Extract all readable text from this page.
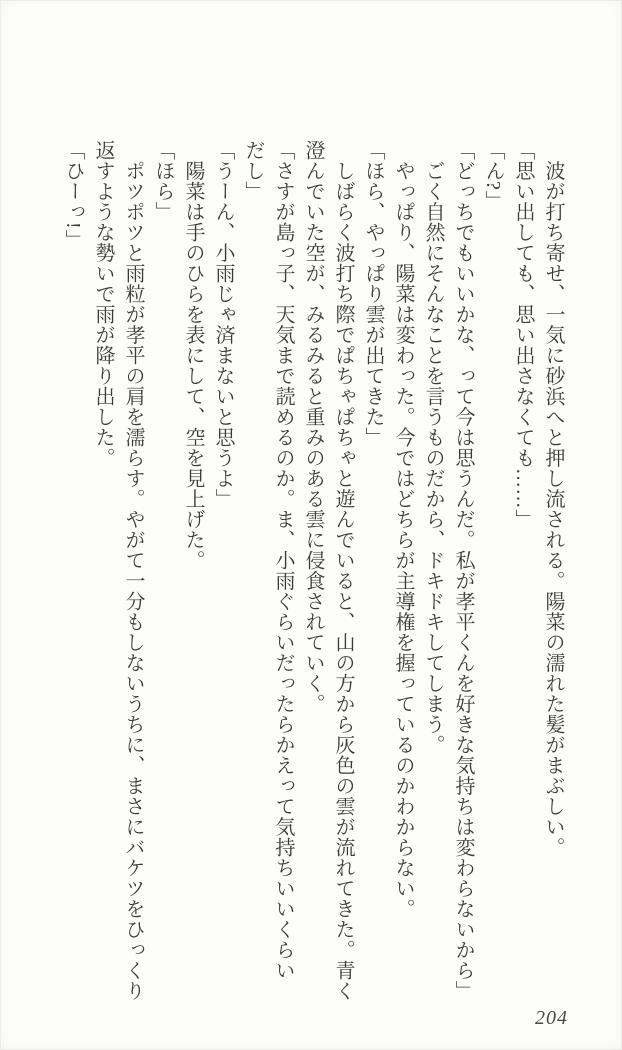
　波が打ち寄せ、一気に砂浜へと押し流される。陽菜の濡れた髪がまぶしい。

「思い出しても、思い出さなくても……」

「ん?」

「どっちでもいいかな、って今は思うんだ。私が孝平くんを好きな気持ちは変わらないから」

　ごく自然にそんなことを言うものだから、ドキドキしてしまう。

　やっぱり、陽菜は変わった。今ではどちらが主導権を握っているのかわからない。

「ほら、やっぱり雲が出てきた」

　しばらく波打ち際でぱちゃぱちゃと遊んでいると、山の方から灰色の雲が流れてきた。青く

澄んでいた空が、みるみると重みのある雲に侵食されていく。

「さすが島っ子、天気まで読めるのか。ま、小雨ぐらいだったらかえって気持ちいいくらい

だし」

「うーん、小雨じゃ済まないと思うよ」

　陽菜は手のひらを表にして、空を見上げた。

「ほら」

　ポツポツと雨粒が孝平の肩を濡らす。やがて一分もしないうちに、まさにバケツをひっくり

返すような勢いで雨が降り出した。

「ひーっ!」

204
